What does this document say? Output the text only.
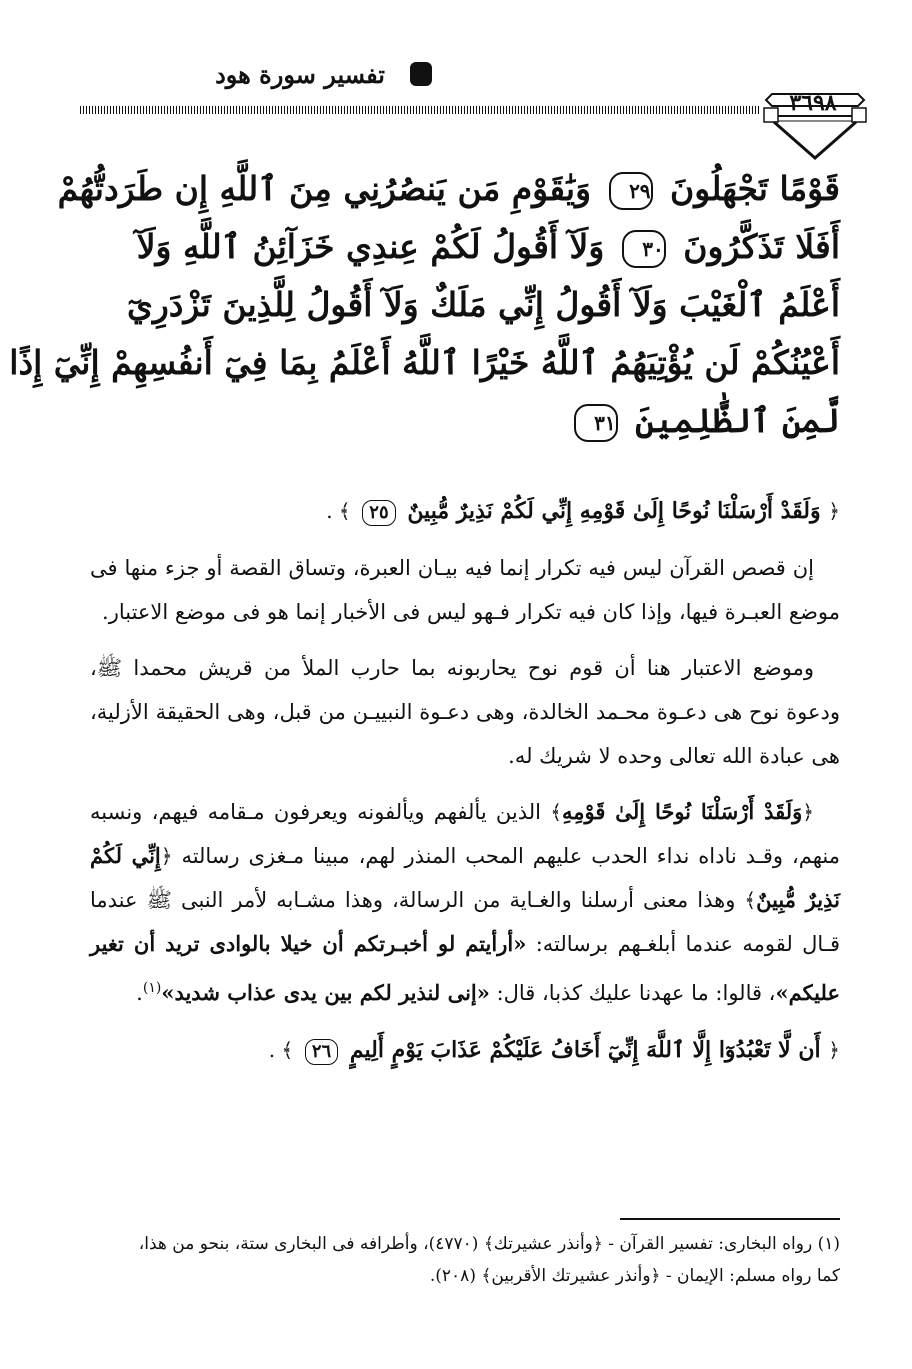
تفسير سورة هود
٣٦٩٨
قَوْمًا تَجْهَلُونَ ٢٩ وَيَٰقَوْمِ مَن يَنصُرُنِي مِنَ ٱللَّهِ إِن طَرَدتُّهُمْ
أَفَلَا تَذَكَّرُونَ ٣٠ وَلَآ أَقُولُ لَكُمْ عِندِي خَزَآئِنُ ٱللَّهِ وَلَآ
أَعْلَمُ ٱلْغَيْبَ وَلَآ أَقُولُ إِنِّي مَلَكٌ وَلَآ أَقُولُ لِلَّذِينَ تَزْدَرِيٓ
أَعْيُنُكُمْ لَن يُؤْتِيَهُمُ ٱللَّهُ خَيْرًا ٱللَّهُ أَعْلَمُ بِمَا فِيٓ أَنفُسِهِمْ إِنِّيٓ إِذًا
لَّمِنَ ٱلظَّٰلِمِينَ ٣١

﴿ وَلَقَدْ أَرْسَلْنَا نُوحًا إِلَىٰ قَوْمِهِ إِنِّي لَكُمْ نَذِيرٌ مُّبِينٌ ٢٥ ﴾ .

إن قصص القرآن ليس فيه تكرار إنما فيه بيـان العبرة، وتساق القصة أو جزء منها فى موضع العبـرة فيها، وإذا كان فيه تكرار فـهو ليس فى الأخبار إنما هو فى موضع الاعتبار.

وموضع الاعتبار هنا أن قوم نوح يحاربونه بما حارب الملأ من قريش محمدا ﷺ، ودعوة نوح هى دعـوة محـمد الخالدة، وهى دعـوة النبييـن من قبل، وهى الحقيقة الأزلية، هى عبادة الله تعالى وحده لا شريك له.

﴿وَلَقَدْ أَرْسَلْنَا نُوحًا إِلَىٰ قَوْمِهِ﴾ الذين يألفهم ويألفونه ويعرفون مـقامه فيهم، ونسبه منهم، وقـد ناداه نداء الحدب عليهم المحب المنذر لهم، مبينا مـغزى رسالته ﴿إِنِّي لَكُمْ نَذِيرٌ مُّبِينٌ﴾ وهذا معنى أرسلنا والغـاية من الرسالة، وهذا مشـابه لأمر النبى ﷺ عندما قـال لقومه عندما أبلغـهم برسالته: «أرأيتم لو أخبـرتكم أن خيلا بالوادى تريد أن تغير عليكم»، قالوا: ما عهدنا عليك كذبا، قال: «إنى لنذير لكم بين يدى عذاب شديد»$^{(١)}$.

﴿ أَن لَّا تَعْبُدُوٓا إِلَّا ٱللَّهَ إِنِّيٓ أَخَافُ عَلَيْكُمْ عَذَابَ يَوْمٍ أَلِيمٍ ٢٦ ﴾ .

(١) رواه البخارى: تفسير القرآن - ﴿وأنذر عشيرتك﴾ (٤٧٧٠)، وأطرافه فى البخارى ستة، بنحو من هذا،

كما رواه مسلم: الإيمان - ﴿وأنذر عشيرتك الأقربين﴾ (٢٠٨).
